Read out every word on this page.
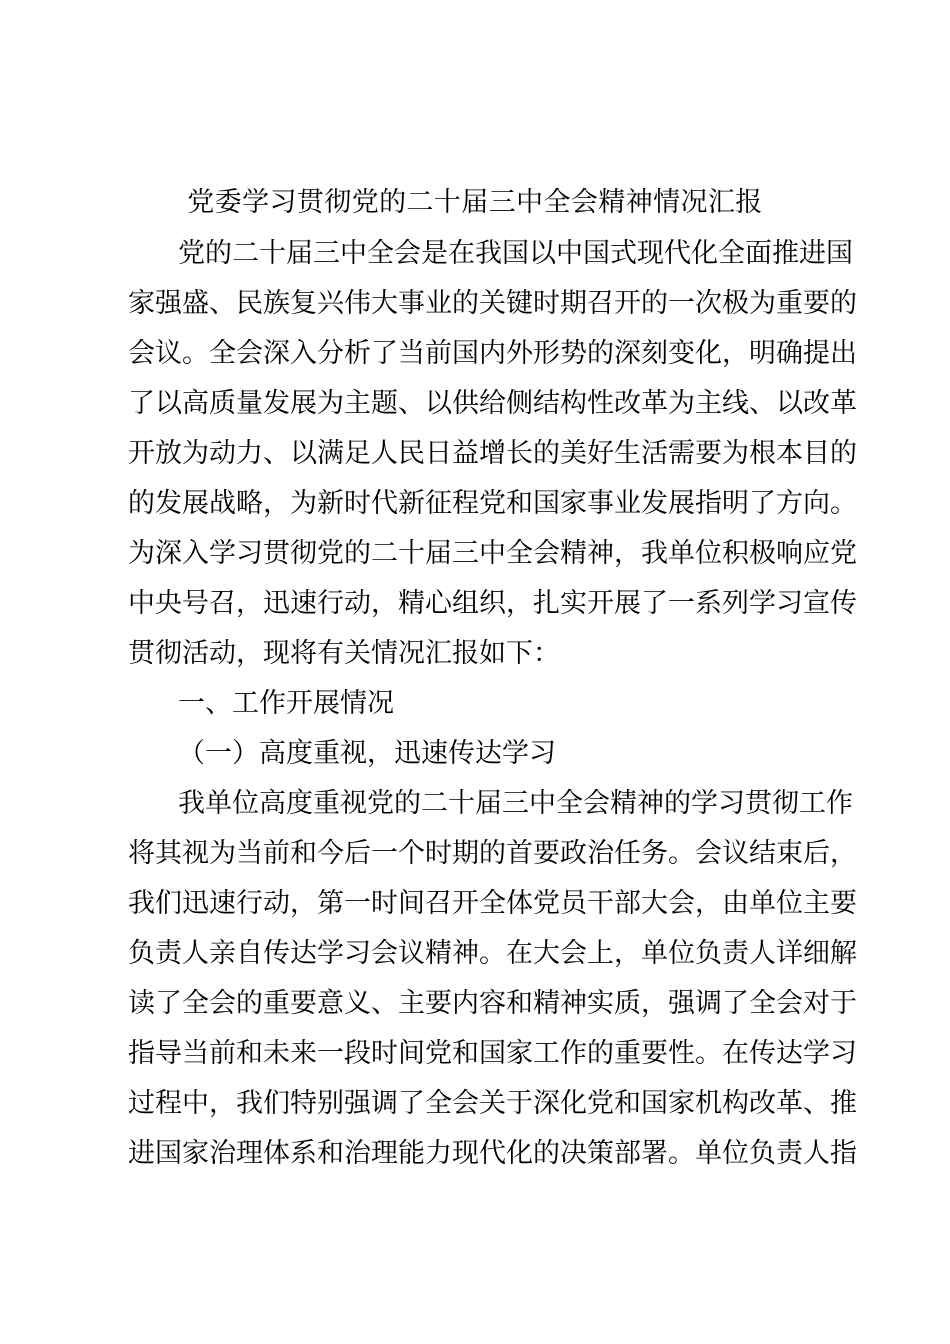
党委学习贯彻党的二十届三中全会精神情况汇报
党的二十届三中全会是在我国以中国式现代化全面推进国
家强盛、民族复兴伟大事业的关键时期召开的一次极为重要的
会议。全会深入分析了当前国内外形势的深刻变化，明确提出
了以高质量发展为主题、以供给侧结构性改革为主线、以改革
开放为动力、以满足人民日益增长的美好生活需要为根本目的
的发展战略，为新时代新征程党和国家事业发展指明了方向。
为深入学习贯彻党的二十届三中全会精神，我单位积极响应党
中央号召，迅速行动，精心组织，扎实开展了一系列学习宣传
贯彻活动，现将有关情况汇报如下：
一、工作开展情况
（一）高度重视，迅速传达学习
我单位高度重视党的二十届三中全会精神的学习贯彻工作
将其视为当前和今后一个时期的首要政治任务。会议结束后，
我们迅速行动，第一时间召开全体党员干部大会，由单位主要
负责人亲自传达学习会议精神。在大会上，单位负责人详细解
读了全会的重要意义、主要内容和精神实质，强调了全会对于
指导当前和未来一段时间党和国家工作的重要性。在传达学习
过程中，我们特别强调了全会关于深化党和国家机构改革、推
进国家治理体系和治理能力现代化的决策部署。单位负责人指
